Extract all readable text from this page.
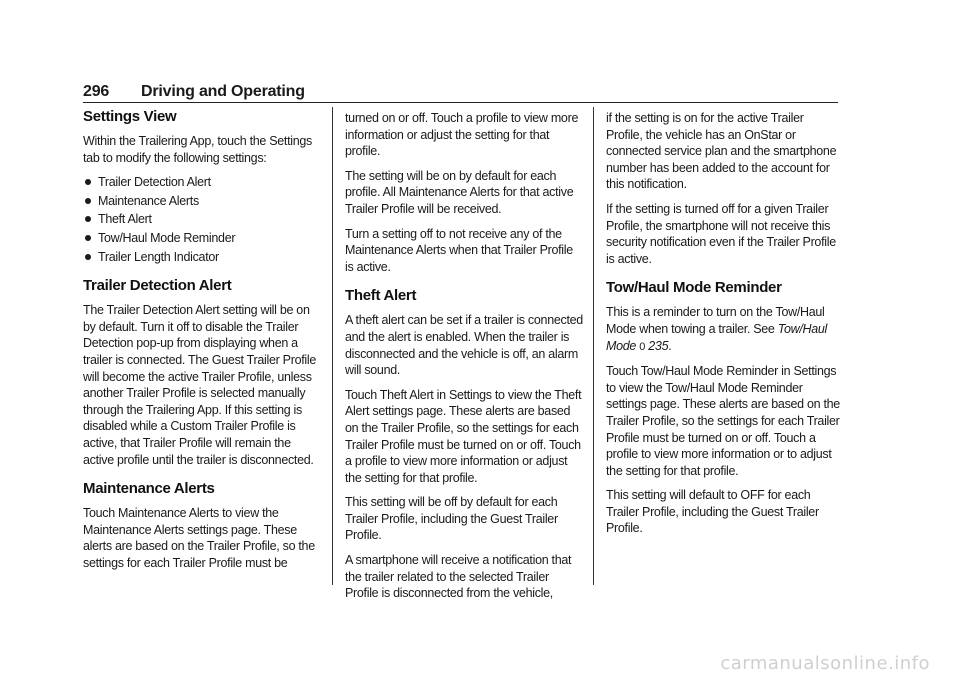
296 Driving and Operating
Settings View

Within the Trailering App, touch the Settings tab to modify the following settings:

Trailer Detection Alert
Maintenance Alerts
Theft Alert
Tow/Haul Mode Reminder
Trailer Length Indicator
Trailer Detection Alert

The Trailer Detection Alert setting will be on by default. Turn it off to disable the Trailer Detection pop-up from displaying when a trailer is connected. The Guest Trailer Profile will become the active Trailer Profile, unless another Trailer Profile is selected manually through the Trailering App. If this setting is disabled while a Custom Trailer Profile is active, that Trailer Profile will remain the active profile until the trailer is disconnected.

Maintenance Alerts

Touch Maintenance Alerts to view the Maintenance Alerts settings page. These alerts are based on the Trailer Profile, so the settings for each Trailer Profile must be

turned on or off. Touch a profile to view more information or adjust the setting for that profile.

The setting will be on by default for each profile. All Maintenance Alerts for that active Trailer Profile will be received.

Turn a setting off to not receive any of the Maintenance Alerts when that Trailer Profile is active.

Theft Alert

A theft alert can be set if a trailer is connected and the alert is enabled. When the trailer is disconnected and the vehicle is off, an alarm will sound.

Touch Theft Alert in Settings to view the Theft Alert settings page. These alerts are based on the Trailer Profile, so the settings for each Trailer Profile must be turned on or off. Touch a profile to view more information or adjust the setting for that profile.

This setting will be off by default for each Trailer Profile, including the Guest Trailer Profile.

A smartphone will receive a notification that the trailer related to the selected Trailer Profile is disconnected from the vehicle,

if the setting is on for the active Trailer Profile, the vehicle has an OnStar or connected service plan and the smartphone number has been added to the account for this notification.

If the setting is turned off for a given Trailer Profile, the smartphone will not receive this security notification even if the Trailer Profile is active.

Tow/Haul Mode Reminder

This is a reminder to turn on the Tow/Haul Mode when towing a trailer. See Tow/Haul Mode 0 235.

Touch Tow/Haul Mode Reminder in Settings to view the Tow/Haul Mode Reminder settings page. These alerts are based on the Trailer Profile, so the settings for each Trailer Profile must be turned on or off. Touch a profile to view more information or to adjust the setting for that profile.

This setting will default to OFF for each Trailer Profile, including the Guest Trailer Profile.

carmanualsonline.info
